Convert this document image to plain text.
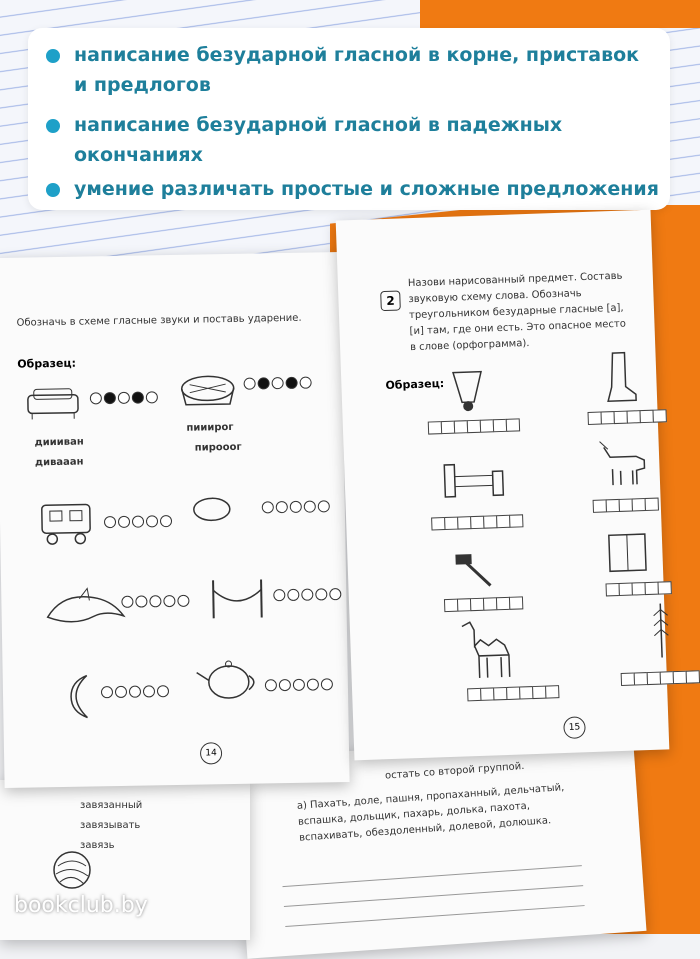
написание безударной гласной в корне, приставок
и предлогов
написание безударной гласной в падежных
окончаниях
умение различать простые и сложные предложения
остать со второй группой.
а) Пахать, доле, пашня, пропаханный, дельчатый, вспашка, дольщик, пахарь, долька, пахота, вспахивать, обездоленный, долевой, долюшка.
завязанный
завязывать
завязь
Обозначь в схеме гласные звуки и поставь ударение.
Образец:
диииван
дивааан
пииирог
пирооог
14
2
Назови нарисованный предмет. Составь звуковую схему слова. Обозначь треугольником безударные гласные [а], [и] там, где они есть. Это опасное место в слове (орфограмма).
Образец:
15
bookclub.by
